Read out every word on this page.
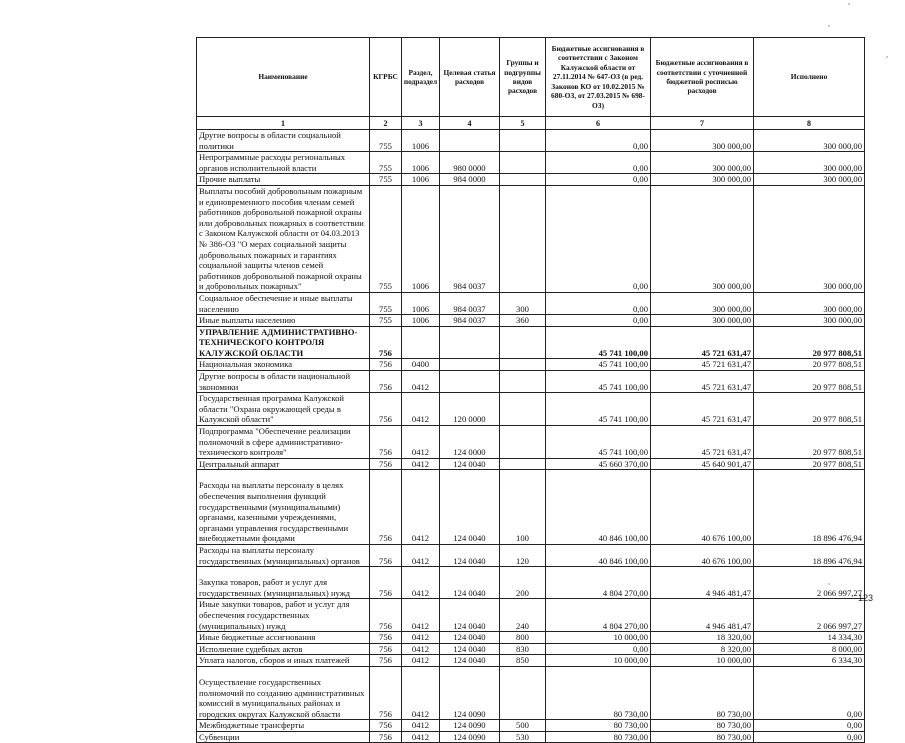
Наименование	КГРБС	Раздел, подраздел	Целевая статья расходов	Группы и подгруппы видов расходов	Бюджетные ассигнования в соответствии с Законом Калужской области от 27.11.2014 № 647-ОЗ (в ред. Законов КО от 10.02.2015 № 680-ОЗ, от 27.03.2015 № 698-ОЗ)	Бюджетные ассигнования в соответствии с уточненной бюджетной росписью расходов	Исполнено
1	2	3	4	5	6	7	8
Другие вопросы в области социальной политики	755	1006			0,00	300 000,00	300 000,00
Непрограммные расходы региональных органов исполнительной власти	755	1006	980 0000		0,00	300 000,00	300 000,00
Прочие выплаты	755	1006	984 0000		0,00	300 000,00	300 000,00
Выплаты пособий добровольным пожарным и единовременного пособия членам семей работников добровольной пожарной охраны или добровольных пожарных в соответствии с Законом Калужской области от 04.03.2013 № 386-ОЗ "О мерах социальной защиты добровольных пожарных и гарантиях социальной защиты членов семей работников добровольной пожарной охраны и добровольных пожарных"	755	1006	984 0037		0,00	300 000,00	300 000,00
Социальное обеспечение и иные выплаты населению	755	1006	984 0037	300	0,00	300 000,00	300 000,00
Иные выплаты населению	755	1006	984 0037	360	0,00	300 000,00	300 000,00
УПРАВЛЕНИЕ АДМИНИСТРАТИВНО-ТЕХНИЧЕСКОГО КОНТРОЛЯ КАЛУЖСКОЙ ОБЛАСТИ	756				45 741 100,00	45 721 631,47	20 977 808,51
Национальная экономика	756	0400			45 741 100,00	45 721 631,47	20 977 808,51
Другие вопросы в области национальной экономики	756	0412			45 741 100,00	45 721 631,47	20 977 808,51
Государственная программа Калужской области "Охрана окружающей среды в Калужской области"	756	0412	120 0000		45 741 100,00	45 721 631,47	20 977 808,51
Подпрограмма "Обеспечение реализации полномочий в сфере административно-технического контроля"	756	0412	124 0000		45 741 100,00	45 721 631,47	20 977 808,51
Центральный аппарат	756	0412	124 0040		45 660 370,00	45 640 901,47	20 977 808,51
Расходы на выплаты персоналу в целях обеспечения выполнения функций государственными (муниципальными) органами, казенными учреждениями, органами управления государственными внебюджетными фондами	756	0412	124 0040	100	40 846 100,00	40 676 100,00	18 896 476,94
Расходы на выплаты персоналу государственных (муниципальных) органов	756	0412	124 0040	120	40 846 100,00	40 676 100,00	18 896 476,94
Закупка товаров, работ и услуг для государственных (муниципальных) нужд	756	0412	124 0040	200	4 804 270,00	4 946 481,47	2 066 997,27
Иные закупки товаров, работ и услуг для обеспечения государственных (муниципальных) нужд	756	0412	124 0040	240	4 804 270,00	4 946 481,47	2 066 997,27
Иные бюджетные ассигнования	756	0412	124 0040	800	10 000,00	18 320,00	14 334,30
Исполнение судебных актов	756	0412	124 0040	830	0,00	8 320,00	8 000,00
Уплата налогов, сборов и иных платежей	756	0412	124 0040	850	10 000,00	10 000,00	6 334,30
Осуществление государственных полномочий по созданию административных комиссий в муниципальных районах и городских округах Калужской области	756	0412	124 0090		80 730,00	80 730,00	0,00
Межбюджетные трансферты	756	0412	124 0090	500	80 730,00	80 730,00	0,00
Субвенции	756	0412	124 0090	530	80 730,00	80 730,00	0,00
123
